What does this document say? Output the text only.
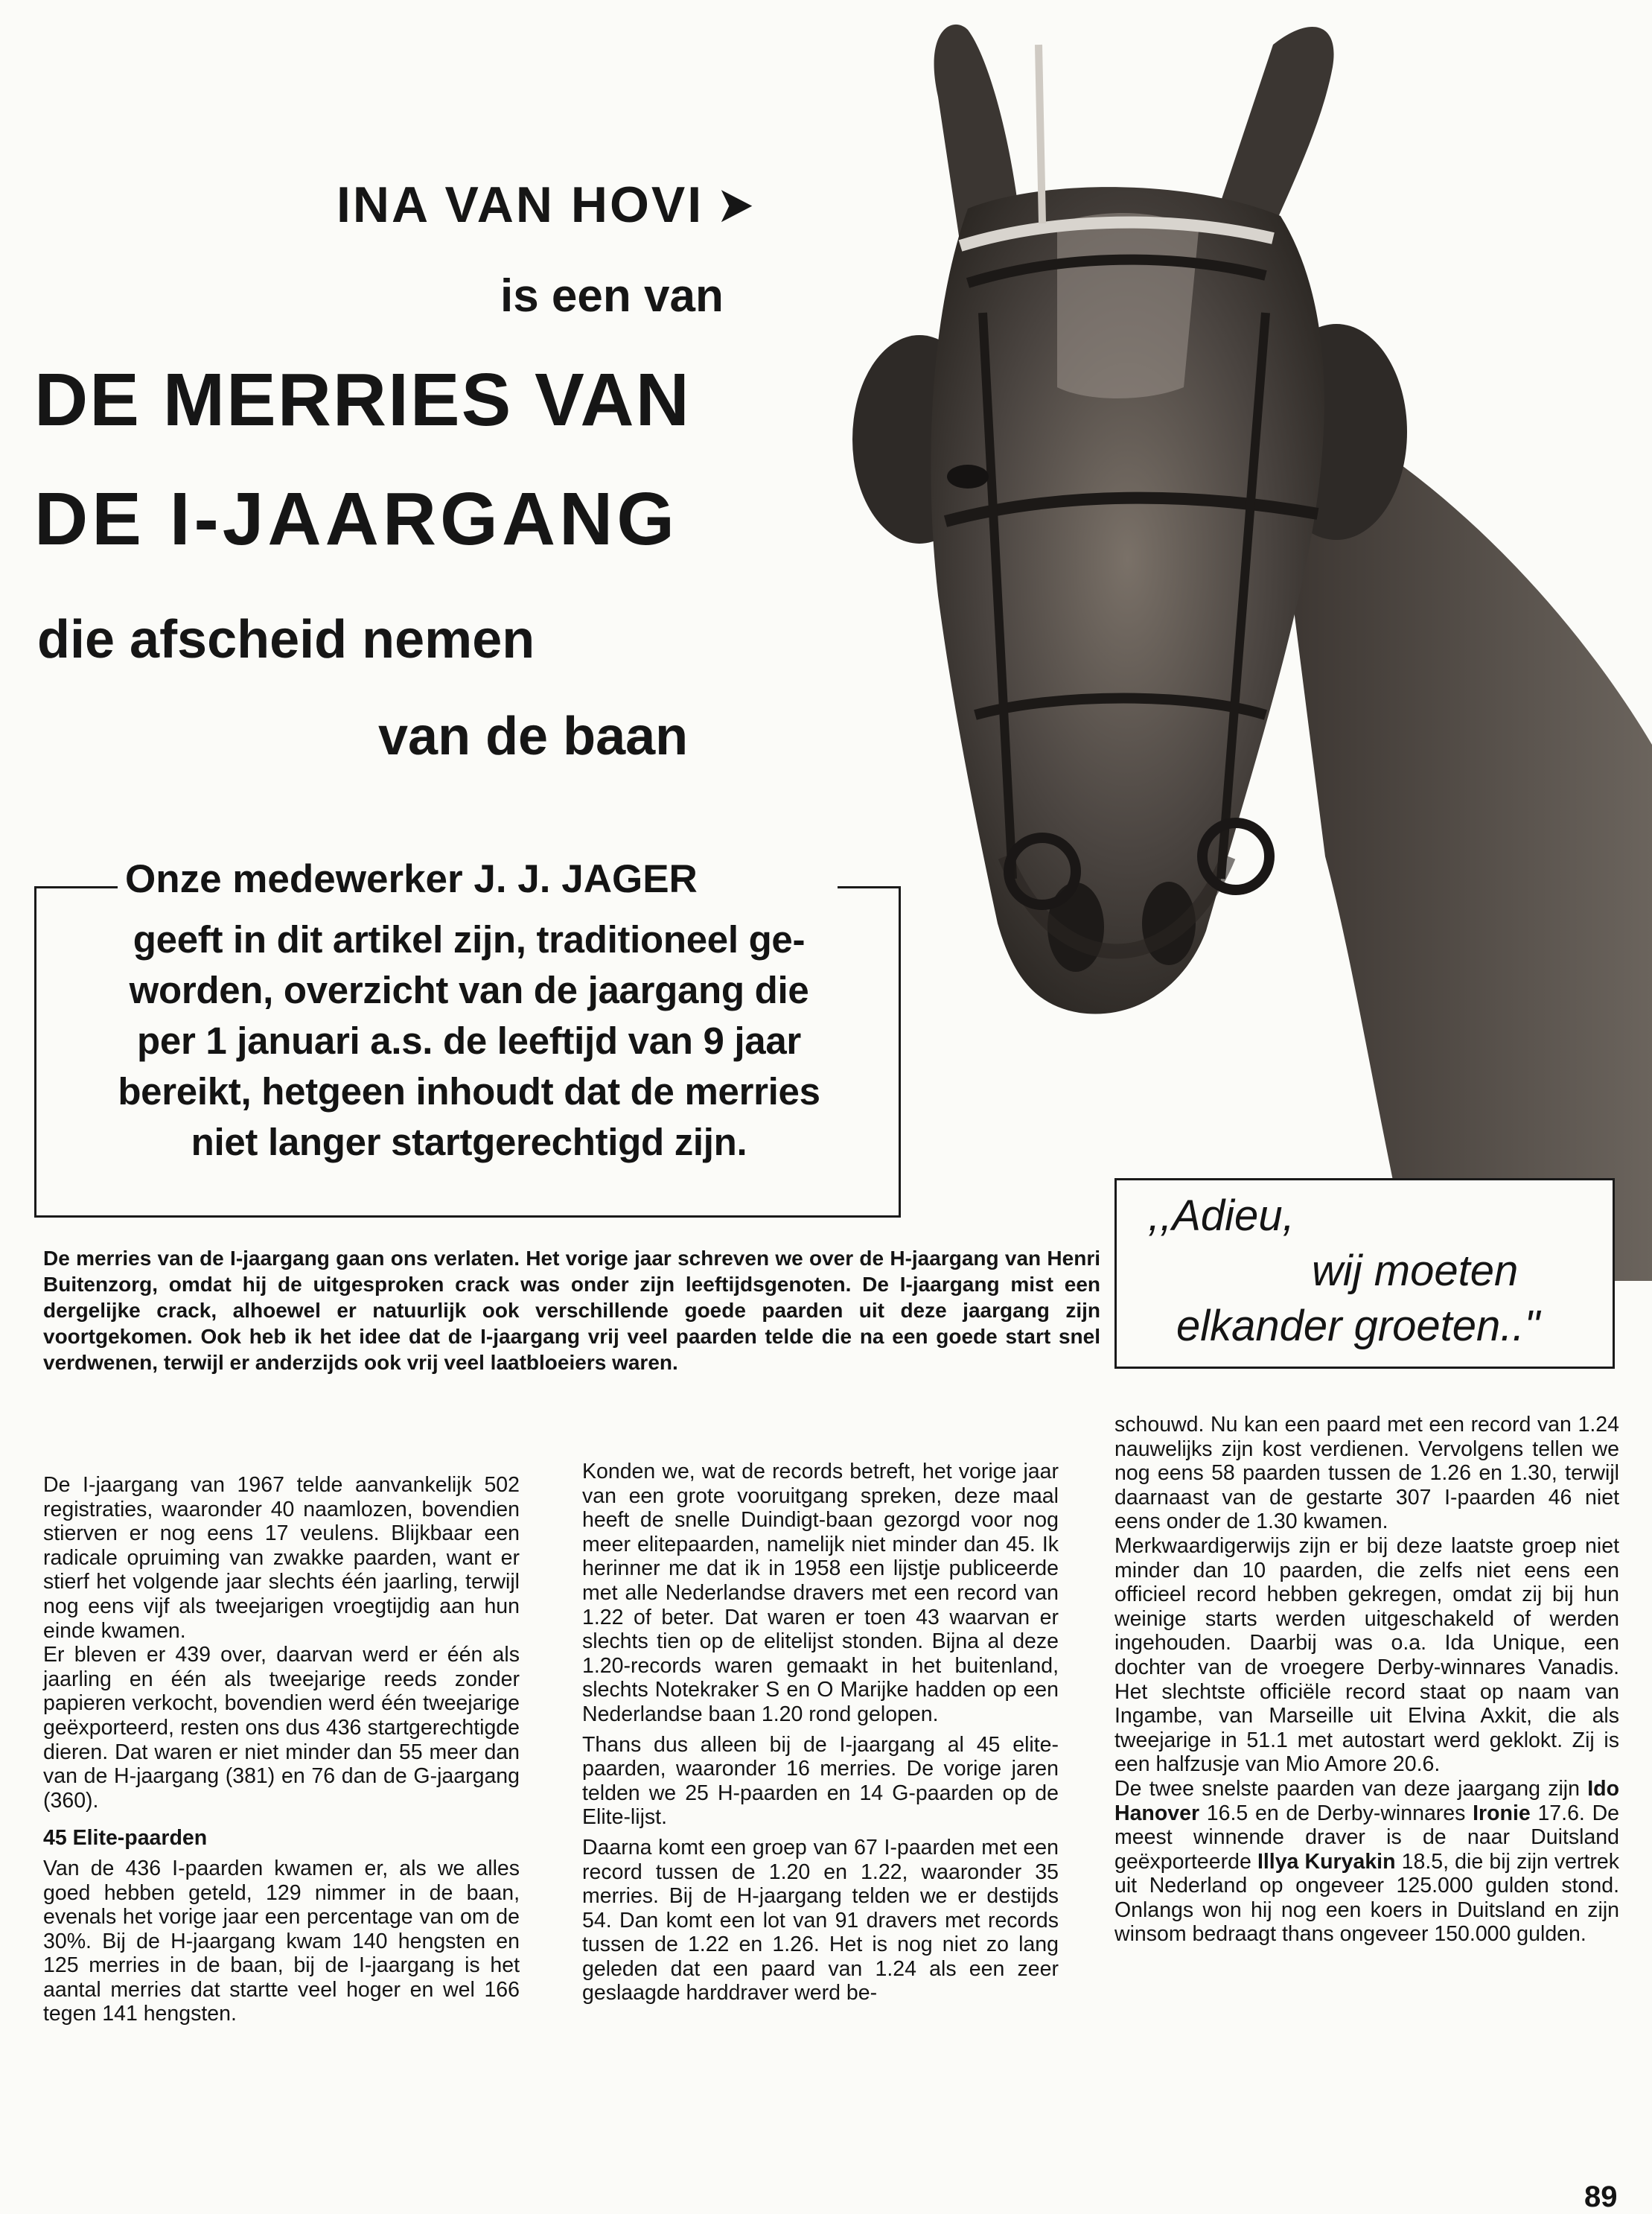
INA VAN HOVI ➤
is een van
DE MERRIES VAN
DE I-JAARGANG
die afscheid nemen
van de baan
Onze medewerker J. J. JAGER
geeft in dit artikel zijn, traditioneel ge-
worden, overzicht van de jaargang die
per 1 januari a.s. de leeftijd van 9 jaar
bereikt, hetgeen inhoudt dat de merries
niet langer startgerechtigd zijn.
,,Adieu,
wij moeten
elkander groeten.."
De merries van de I-jaargang gaan ons verlaten. Het vorige jaar schreven we over de H-jaargang van Henri Buitenzorg, omdat hij de uitgesproken crack was onder zijn leeftijdsgenoten. De I-jaargang mist een dergelijke crack, alhoewel er natuurlijk ook verschillende goede paarden uit deze jaargang zijn voortgekomen. Ook heb ik het idee dat de I-jaargang vrij veel paarden telde die na een goede start snel verdwenen, terwijl er anderzijds ook vrij veel laatbloeiers waren.

De I-jaargang van 1967 telde aanvankelijk 502 registraties, waaronder 40 naamlozen, bovendien stierven er nog eens 17 veulens. Blijkbaar een radicale opruiming van zwakke paarden, want er stierf het volgende jaar slechts één jaarling, terwijl nog eens vijf als tweejarigen vroegtijdig aan hun einde kwamen.

Er bleven er 439 over, daarvan werd er één als jaarling en één als tweejarige reeds zonder papieren verkocht, bovendien werd één tweejarige geëxporteerd, resten ons dus 436 startgerechtigde dieren. Dat waren er niet minder dan 55 meer dan van de H-jaargang (381) en 76 dan de G-jaargang (360).

45 Elite-paarden

Van de 436 I-paarden kwamen er, als we alles goed hebben geteld, 129 nimmer in de baan, evenals het vorige jaar een percentage van om de 30%. Bij de H-jaargang kwam 140 hengsten en 125 merries in de baan, bij de I-jaargang is het aantal merries dat startte veel hoger en wel 166 tegen 141 hengsten.

Konden we, wat de records betreft, het vorige jaar van een grote vooruitgang spreken, deze maal heeft de snelle Duindigt-baan gezorgd voor nog meer elitepaarden, namelijk niet minder dan 45. Ik herinner me dat ik in 1958 een lijstje publiceerde met alle Nederlandse dravers met een record van 1.22 of beter. Dat waren er toen 43 waarvan er slechts tien op de elitelijst stonden. Bijna al deze 1.20-records waren gemaakt in het buitenland, slechts Notekraker S en O Marijke hadden op een Nederlandse baan 1.20 rond gelopen.

Thans dus alleen bij de I-jaargang al 45 elite-paarden, waaronder 16 merries. De vorige jaren telden we 25 H-paarden en 14 G-paarden op de Elite-lijst.

Daarna komt een groep van 67 I-paarden met een record tussen de 1.20 en 1.22, waaronder 35 merries. Bij de H-jaargang telden we er destijds 54. Dan komt een lot van 91 dravers met records tussen de 1.22 en 1.26. Het is nog niet zo lang geleden dat een paard van 1.24 als een zeer geslaagde harddraver werd be-

schouwd. Nu kan een paard met een record van 1.24 nauwelijks zijn kost verdienen. Vervolgens tellen we nog eens 58 paarden tussen de 1.26 en 1.30, terwijl daarnaast van de gestarte 307 I-paarden 46 niet eens onder de 1.30 kwamen.

Merkwaardigerwijs zijn er bij deze laatste groep niet minder dan 10 paarden, die zelfs niet eens een officieel record hebben gekregen, omdat zij bij hun weinige starts werden uitgeschakeld of werden ingehouden. Daarbij was o.a. Ida Unique, een dochter van de vroegere Derby-winnares Vanadis. Het slechtste officiële record staat op naam van Ingambe, van Marseille uit Elvina Axkit, die als tweejarige in 51.1 met autostart werd geklokt. Zij is een halfzusje van Mio Amore 20.6.

De twee snelste paarden van deze jaargang zijn Ido Hanover 16.5 en de Derby-winnares Ironie 17.6. De meest winnende draver is de naar Duitsland geëxporteerde Illya Kuryakin 18.5, die bij zijn vertrek uit Nederland op ongeveer 125.000 gulden stond. Onlangs won hij nog een koers in Duitsland en zijn winsom bedraagt thans ongeveer 150.000 gulden.

89
